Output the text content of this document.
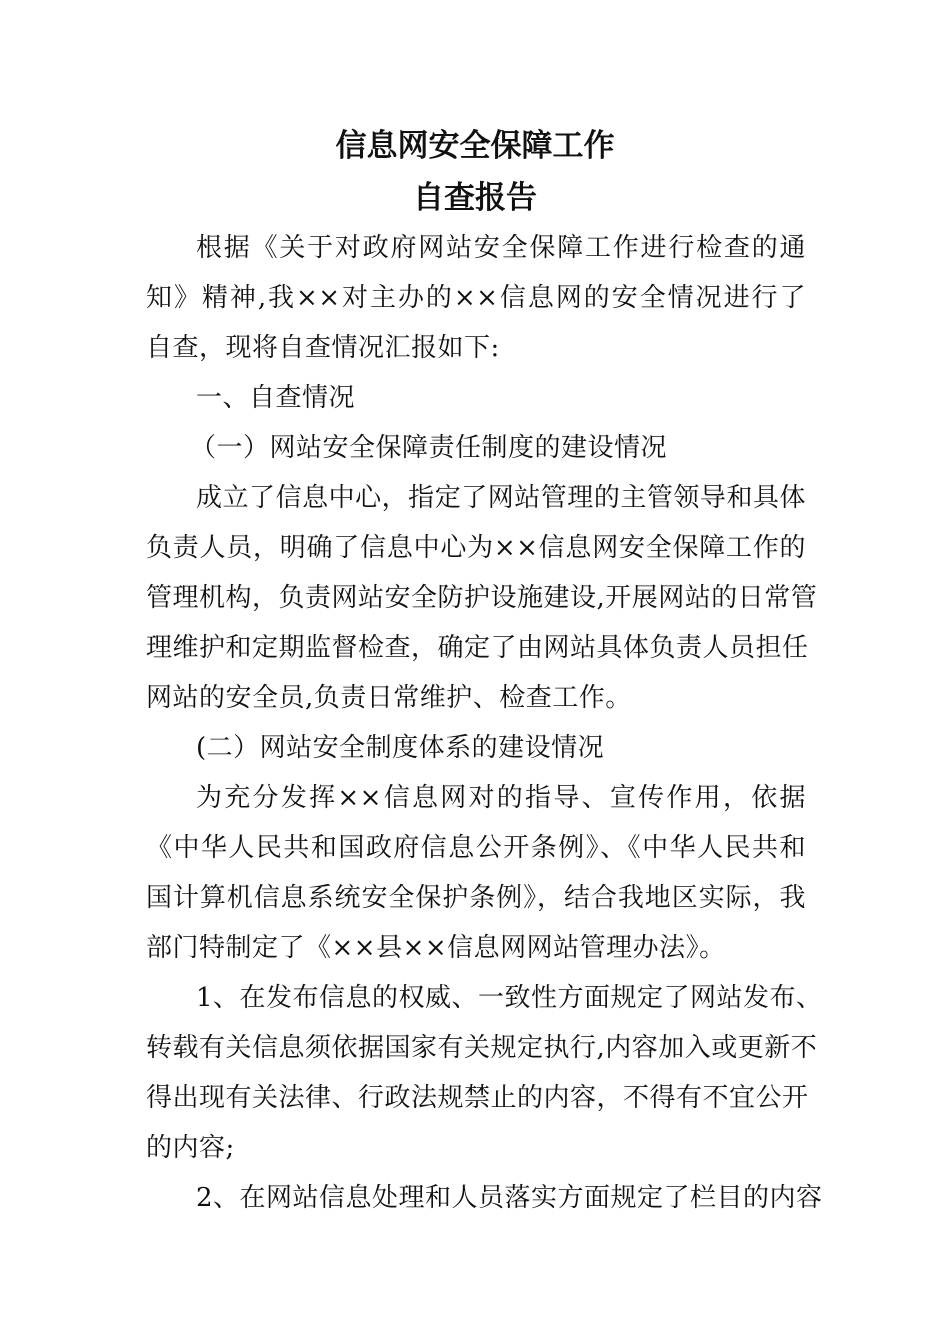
信息网安全保障工作
自查报告
根据《关于对政府网站安全保障工作进行检查的通
知》精神,我××对主办的××信息网的安全情况进行了
自查，现将自查情况汇报如下:
一、自查情况
（一）网站安全保障责任制度的建设情况
成立了信息中心，指定了网站管理的主管领导和具体
负责人员，明确了信息中心为××信息网安全保障工作的
管理机构，负责网站安全防护设施建设,开展网站的日常管
理维护和定期监督检查，确定了由网站具体负责人员担任
网站的安全员,负责日常维护、检查工作。
(二）网站安全制度体系的建设情况
为充分发挥××信息网对的指导、宣传作用，依据
《中华人民共和国政府信息公开条例》、《中华人民共和
国计算机信息系统安全保护条例》，结合我地区实际，我
部门特制定了《××县××信息网网站管理办法》。
1、在发布信息的权威、一致性方面规定了网站发布、
转载有关信息须依据国家有关规定执行,内容加入或更新不
得出现有关法律、行政法规禁止的内容，不得有不宜公开
的内容;
2、在网站信息处理和人员落实方面规定了栏目的内容
